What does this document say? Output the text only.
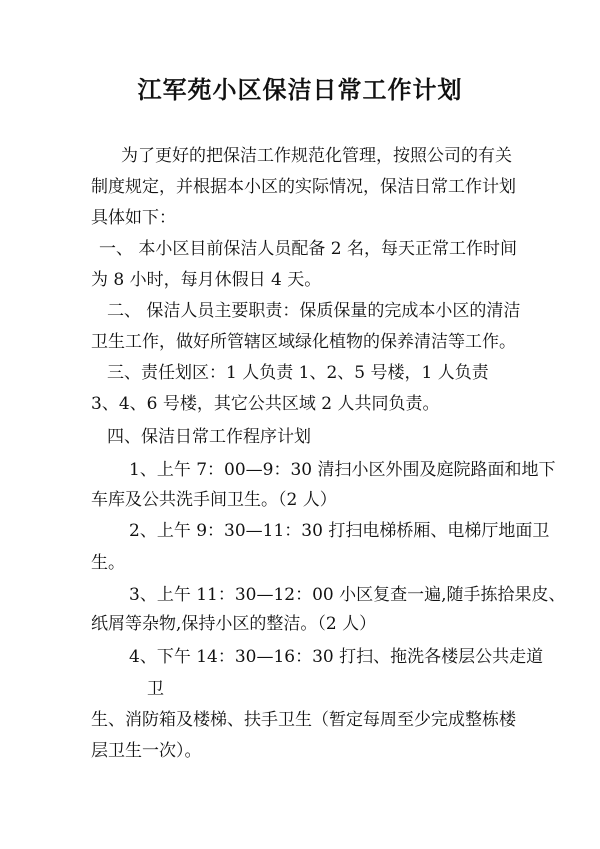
江军苑小区保洁日常工作计划
为了更好的把保洁工作规范化管理，按照公司的有关
制度规定，并根据本小区的实际情况，保洁日常工作计划
具体如下：
一、 本小区目前保洁人员配备 2 名，每天正常工作时间
为 8 小时，每月休假日 4 天。
二、 保洁人员主要职责：保质保量的完成本小区的清洁
卫生工作，做好所管辖区域绿化植物的保养清洁等工作。
三、责任划区：1 人负责 1、2、5 号楼，1 人负责
3、4、6 号楼，其它公共区域 2 人共同负责。
四、保洁日常工作程序计划
1、上午 7：00—9：30 清扫小区外围及庭院路面和地下
车库及公共洗手间卫生。（2 人）
2、上午 9：30—11：30 打扫电梯桥厢、电梯厅地面卫
生。
3、上午 11：30—12：00 小区复查一遍,随手拣拾果皮、
纸屑等杂物,保持小区的整洁。（2 人）
4、下午 14：30—16：30 打扫、拖洗各楼层公共走道
卫
生、消防箱及楼梯、扶手卫生（暂定每周至少完成整栋楼
层卫生一次）。
